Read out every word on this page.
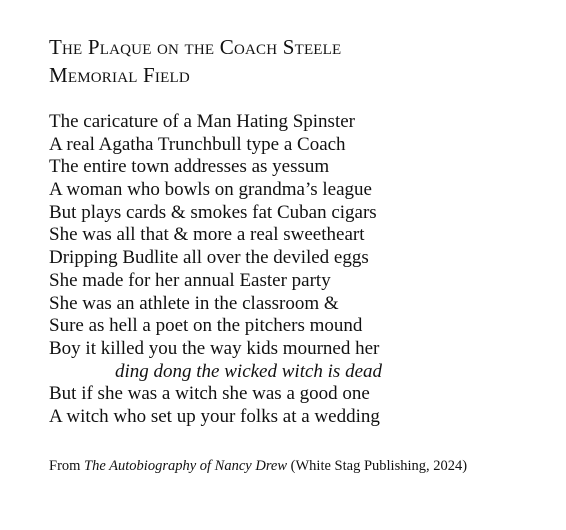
The Plaque on the Coach Steele
Memorial Field
The caricature of a Man Hating Spinster
A real Agatha Trunchbull type a Coach
The entire town addresses as yessum
A woman who bowls on grandma’s league
But plays cards & smokes fat Cuban cigars
She was all that & more a real sweetheart
Dripping Budlite all over the deviled eggs
She made for her annual Easter party
She was an athlete in the classroom &
Sure as hell a poet on the pitchers mound
Boy it killed you the way kids mourned her
ding dong the wicked witch is dead
But if she was a witch she was a good one
A witch who set up your folks at a wedding
From The Autobiography of Nancy Drew (White Stag Publishing, 2024)
